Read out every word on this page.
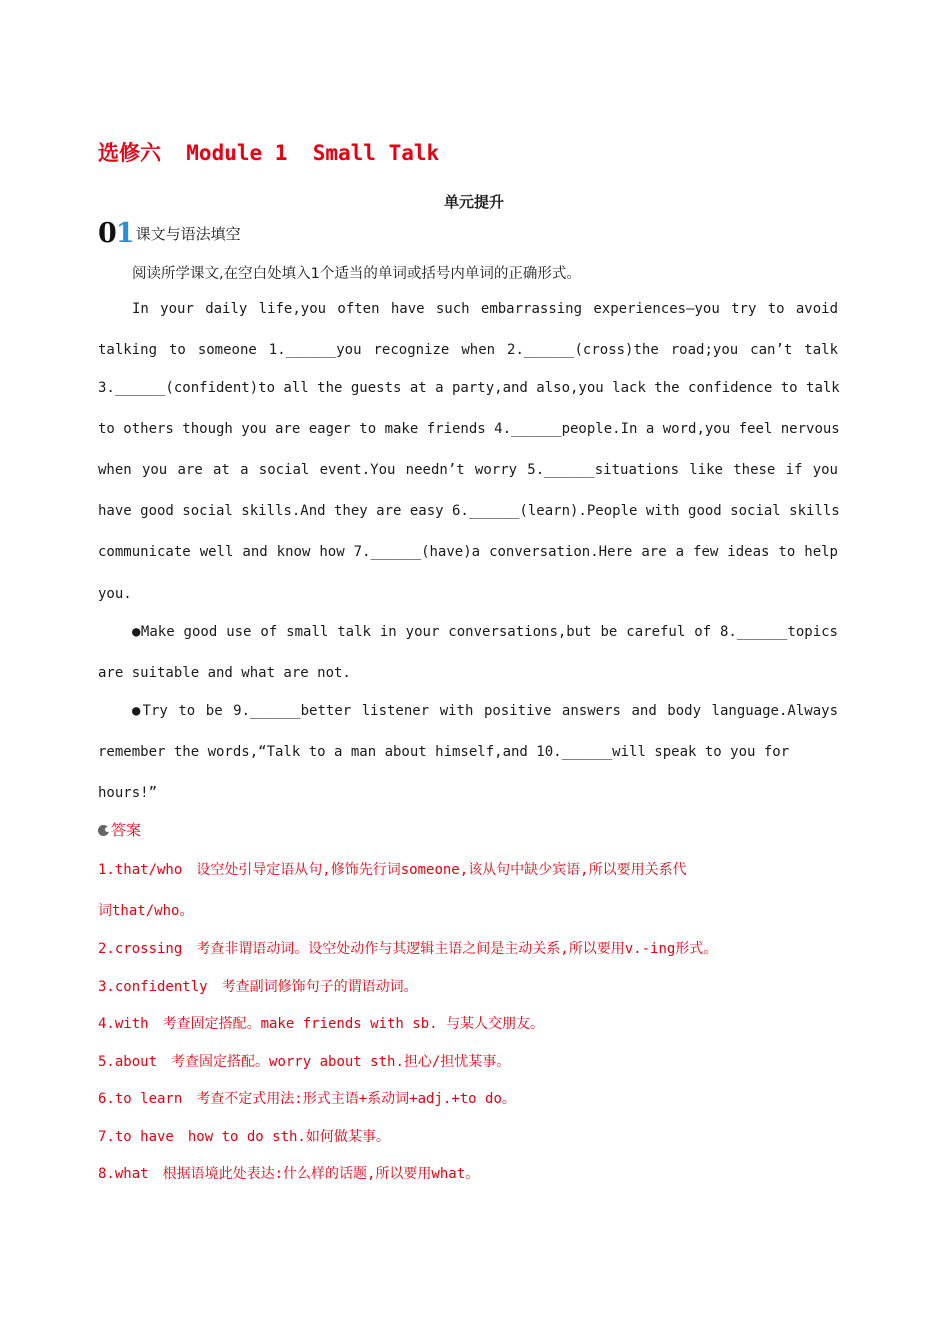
选修六  Module 1  Small Talk
单元提升
01 课文与语法填空
阅读所学课文,在空白处填入1个适当的单词或括号内单词的正确形式。
In your daily life,you often have such embarrassing experiences—you try to avoid
talking to someone 1.______you recognize when 2.______(cross)the road;you can’t talk
3.______(confident)to all the guests at a party,and also,you lack the confidence to talk
to others though you are eager to make friends 4.______people.In a word,you feel nervous
when you are at a social event.You needn’t worry 5.______situations like these if you
have good social skills.And they are easy 6.______(learn).People with good social skills
communicate well and know how 7.______(have)a conversation.Here are a few ideas to help
you.
●Make good use of small talk in your conversations,but be careful of 8.______topics
are suitable and what are not.
●Try to be 9.______better listener with positive answers and body language.Always
remember the words,“Talk to a man about himself,and 10.______will speak to you for
hours!”
答案
1.that/who 设空处引导定语从句,修饰先行词someone,该从句中缺少宾语,所以要用关系代
词that/who。
2.crossing 考查非谓语动词。设空处动作与其逻辑主语之间是主动关系,所以要用v.-ing形式。
3.confidently 考查副词修饰句子的谓语动词。
4.with 考查固定搭配。make friends with sb. 与某人交朋友。
5.about 考查固定搭配。worry about sth.担心/担忧某事。
6.to learn 考查不定式用法:形式主语+系动词+adj.+to do。
7.to have how to do sth.如何做某事。
8.what 根据语境此处表达:什么样的话题,所以要用what。
